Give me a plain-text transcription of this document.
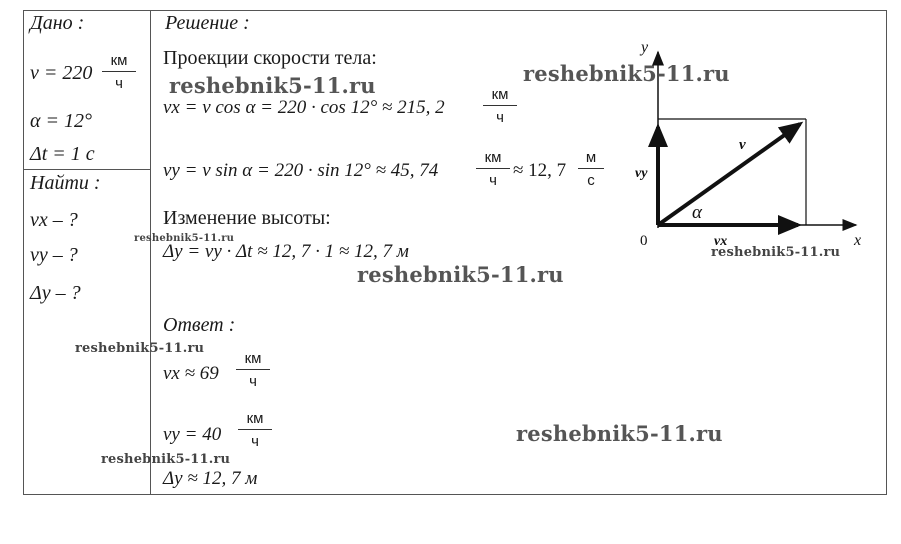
Дано :
v = 220
км
ч
α = 12°
Δt = 1 с
Найти :
vx – ?
vy – ?
Δy – ?
Решение :
Проекции скорости тела:
vx = v cos α = 220 · cos 12° ≈ 215, 2
км
ч
vy = v sin α = 220 · sin 12° ≈ 45, 74
км
ч ≈ 12, 7
м
с
Изменение высоты:
Δy = vy · Δt ≈ 12, 7 · 1 ≈ 12, 7 м
Ответ :
vx ≈ 69
км
ч
vy = 40
км
ч
Δy ≈ 12, 7 м
y
x
0
v
vy
vx
α
reshebnik5-11.ru	reshebnik5-11.ru
reshebnik5-11.ru
reshebnik5-11.ru
reshebnik5-11.ru
reshebnik5-11.ru
reshebnik5-11.ru
reshebnik5-11.ru
